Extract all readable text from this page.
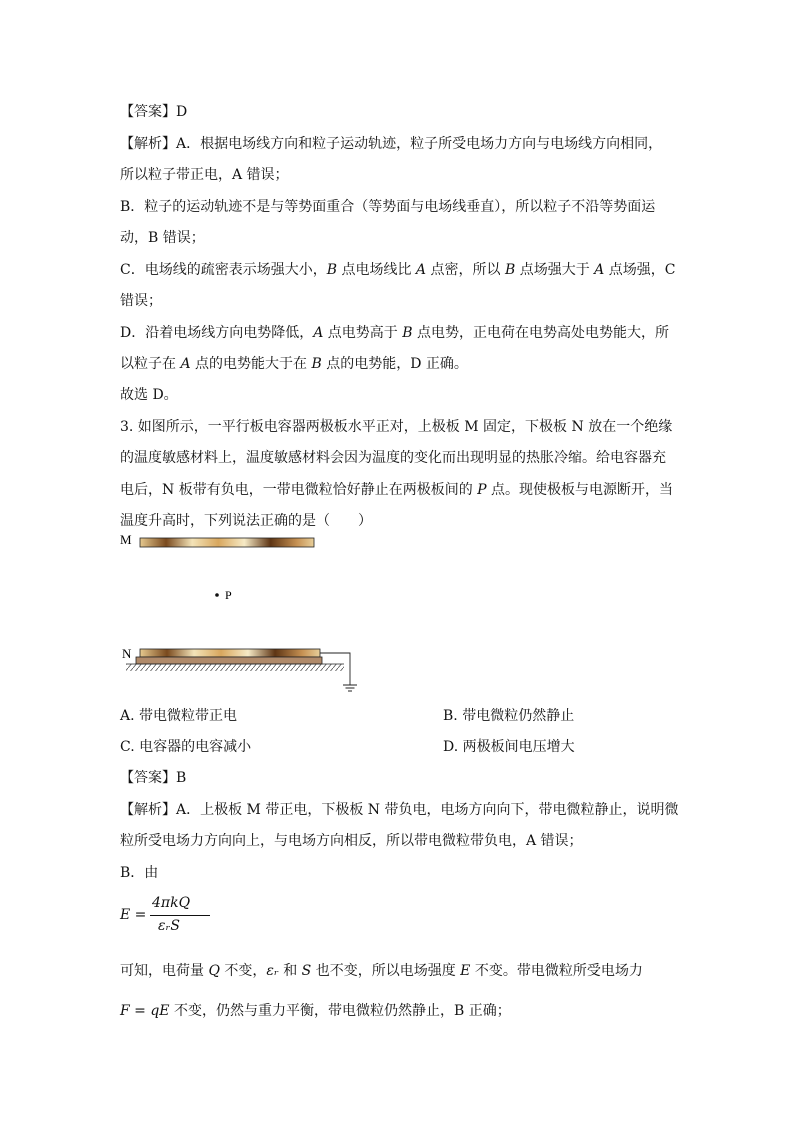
【答案】D
【解析】A．根据电场线方向和粒子运动轨迹，粒子所受电场力方向与电场线方向相同，
所以粒子带正电，A 错误；
B．粒子的运动轨迹不是与等势面重合（等势面与电场线垂直），所以粒子不沿等势面运
动，B 错误；
C．电场线的疏密表示场强大小，B 点电场线比 A 点密，所以 B 点场强大于 A 点场强，C
错误；
D．沿着电场线方向电势降低，A 点电势高于 B 点电势，正电荷在电势高处电势能大，所
以粒子在 A 点的电势能大于在 B 点的电势能，D 正确。
故选 D。
3. 如图所示，一平行板电容器两极板水平正对，上极板 M 固定，下极板 N 放在一个绝缘
的温度敏感材料上，温度敏感材料会因为温度的变化而出现明显的热胀冷缩。给电容器充
电后，N 板带有负电，一带电微粒恰好静止在两极板间的 P 点。现使极板与电源断开，当
温度升高时，下列说法正确的是（　　）
M
P
N
A. 带电微粒带正电	B. 带电微粒仍然静止
C. 电容器的电容减小	D. 两极板间电压增大
【答案】B
【解析】A．上极板 M 带正电，下极板 N 带负电，电场方向向下，带电微粒静止，说明微
粒所受电场力方向向上，与电场方向相反，所以带电微粒带负电，A 错误；
B．由
E =
4πkQ
εᵣS
可知，电荷量 Q 不变，εᵣ 和 S 也不变，所以电场强度 E 不变。带电微粒所受电场力
F = qE 不变，仍然与重力平衡，带电微粒仍然静止，B 正确；
